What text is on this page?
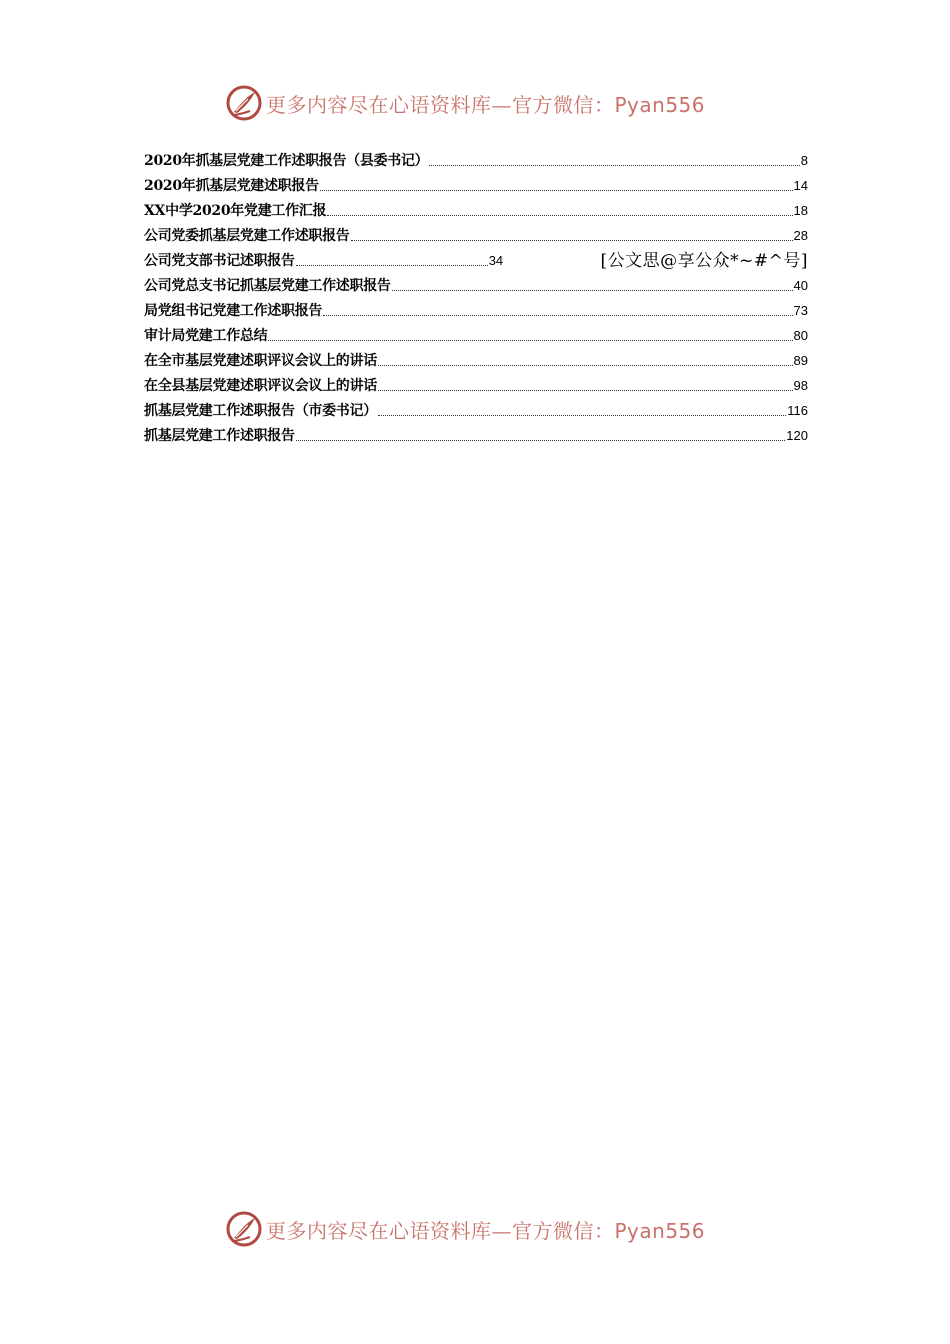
更多内容尽在心语资料库—官方微信：Pyan556
2020年抓基层党建工作述职报告（县委书记）	8
2020年抓基层党建述职报告	14
XX中学2020年党建工作汇报	18
公司党委抓基层党建工作述职报告	28
公司党支部书记述职报告	34	[公文思@享公众*~#^号]
公司党总支书记抓基层党建工作述职报告	40
局党组书记党建工作述职报告	73
审计局党建工作总结	80
在全市基层党建述职评议会议上的讲话	89
在全县基层党建述职评议会议上的讲话	98
抓基层党建工作述职报告（市委书记）	116
抓基层党建工作述职报告	120
更多内容尽在心语资料库—官方微信：Pyan556
